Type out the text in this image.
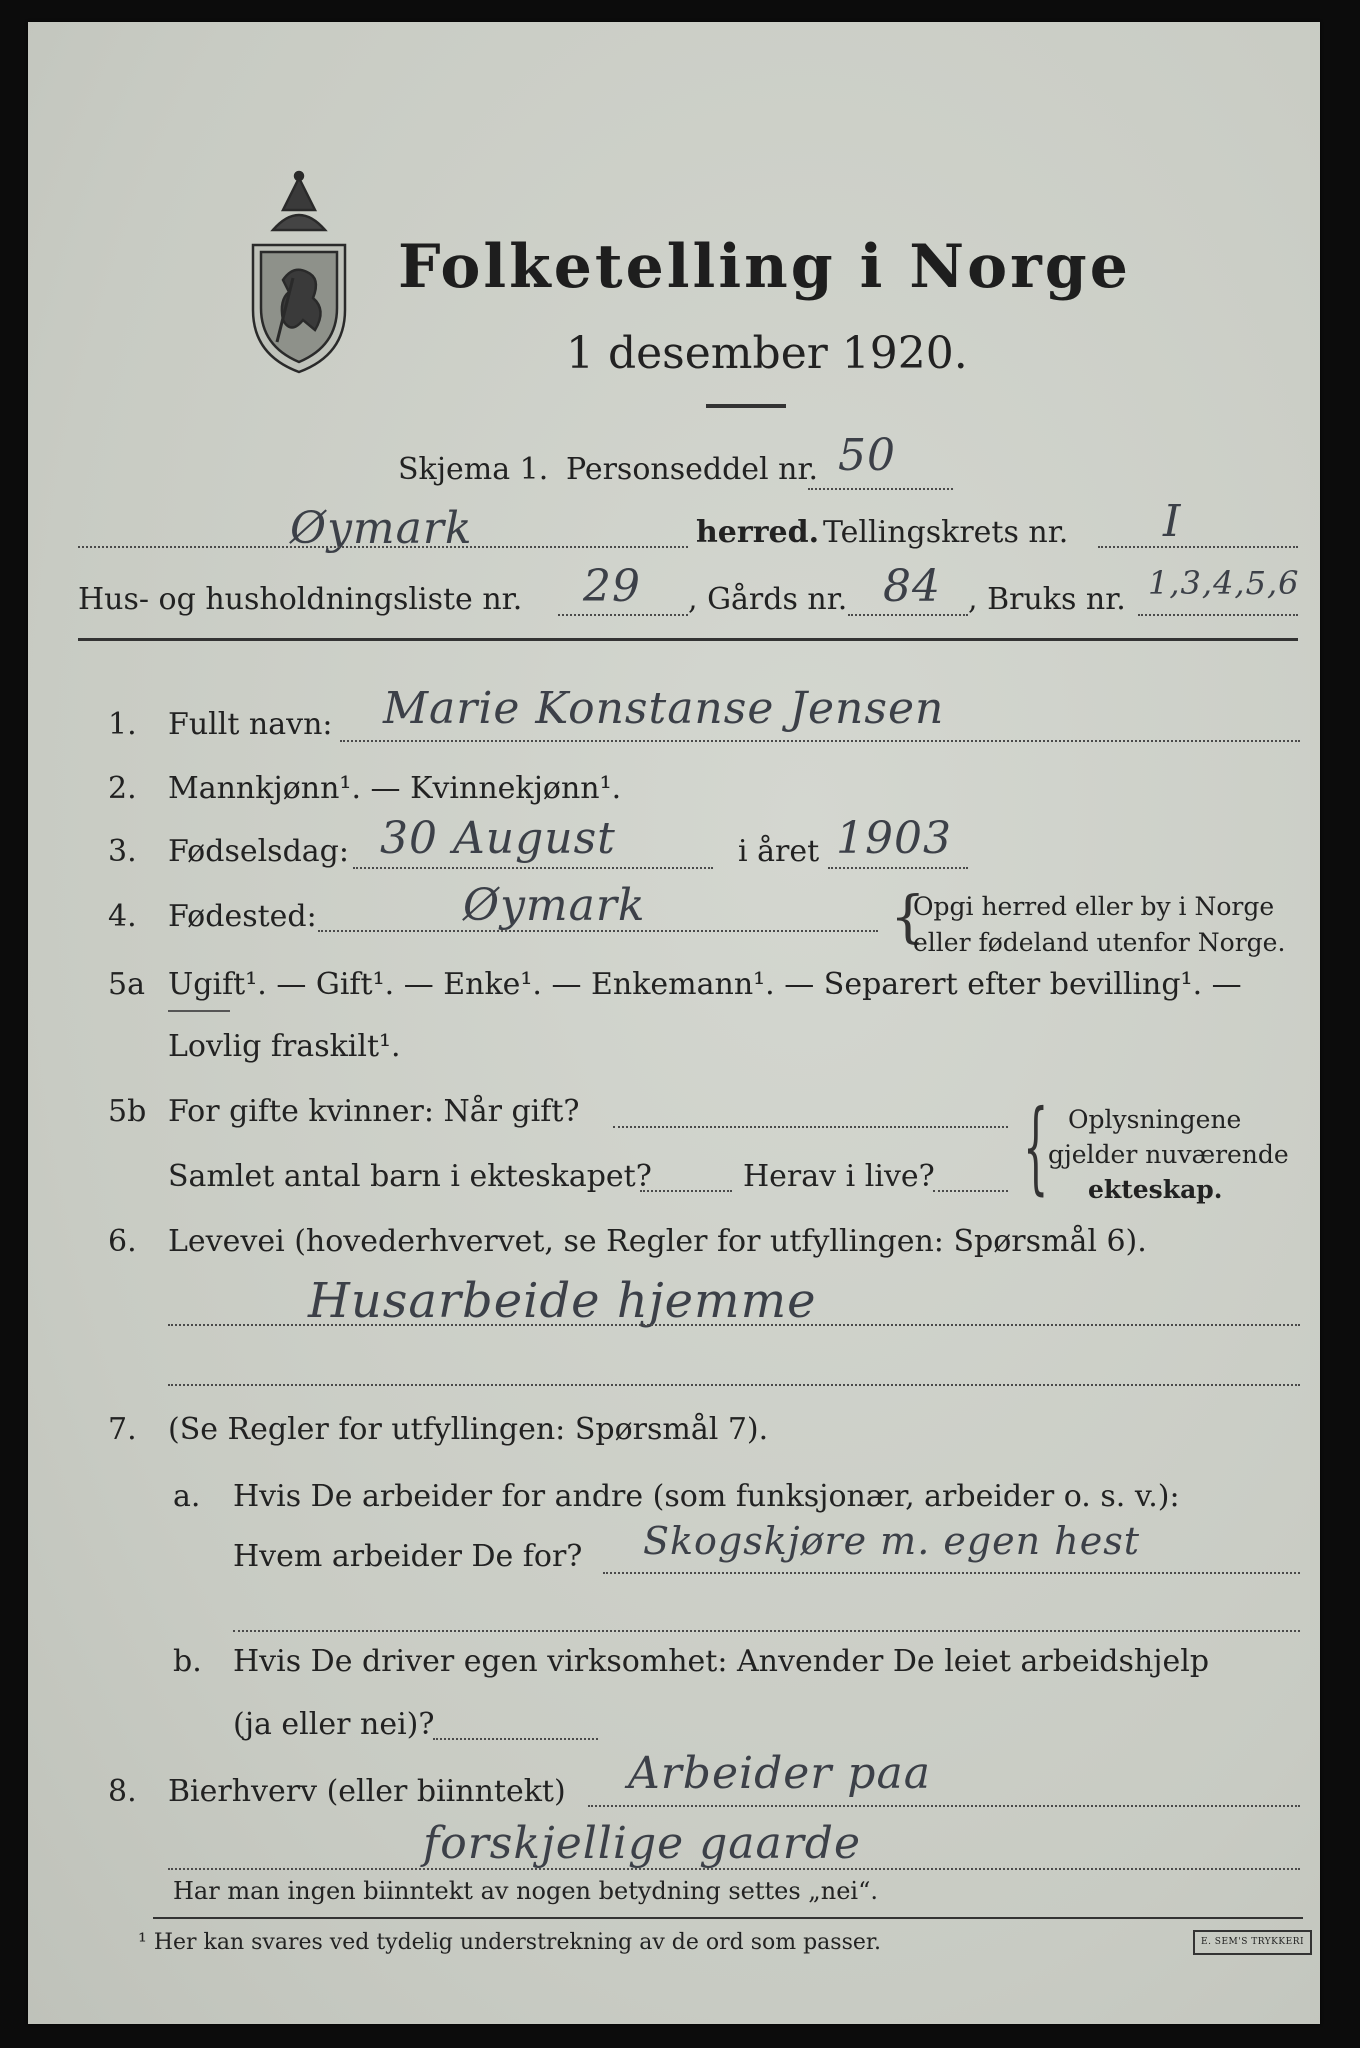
Folketelling i Norge
1 desember 1920.
Skjema 1. Personseddel nr. 50
Øymark	herred. Tellingskrets nr. I
Hus- og husholdningsliste nr. 29 , Gårds nr. 84 , Bruks nr. 1,3,4,5,6
1. Fullt navn: Marie Konstanse Jensen
2. Mannkjønn¹. — Kvinnekjønn¹.
3. Fødselsdag: 30 August	i året 1903
4. Fødested:	Øymark	{
Opgi herred eller by i Norge
eller fødeland utenfor Norge.
5a Ugift¹. — Gift¹. — Enke¹. — Enkemann¹. — Separert efter bevilling¹. —
Lovlig fraskilt¹.
5b For gifte kvinner: Når gift?
Samlet antal barn i ekteskapet?	Herav i live? { Oplysningene
gjelder nuværende
ekteskap.
6. Levevei (hovederhvervet, se Regler for utfyllingen: Spørsmål 6).
Husarbeide hjemme
7. (Se Regler for utfyllingen: Spørsmål 7).
a. Hvis De arbeider for andre (som funksjonær, arbeider o. s. v.):
Hvem arbeider De for? Skogskjøre m. egen hest
b. Hvis De driver egen virksomhet: Anvender De leiet arbeidshjelp
(ja eller nei)?
8. Bierhverv (eller biinntekt) Arbeider paa
forskjellige gaarde
Har man ingen biinntekt av nogen betydning settes „nei“.
¹ Her kan svares ved tydelig understrekning av de ord som passer.	E. SEM'S TRYKKERI
